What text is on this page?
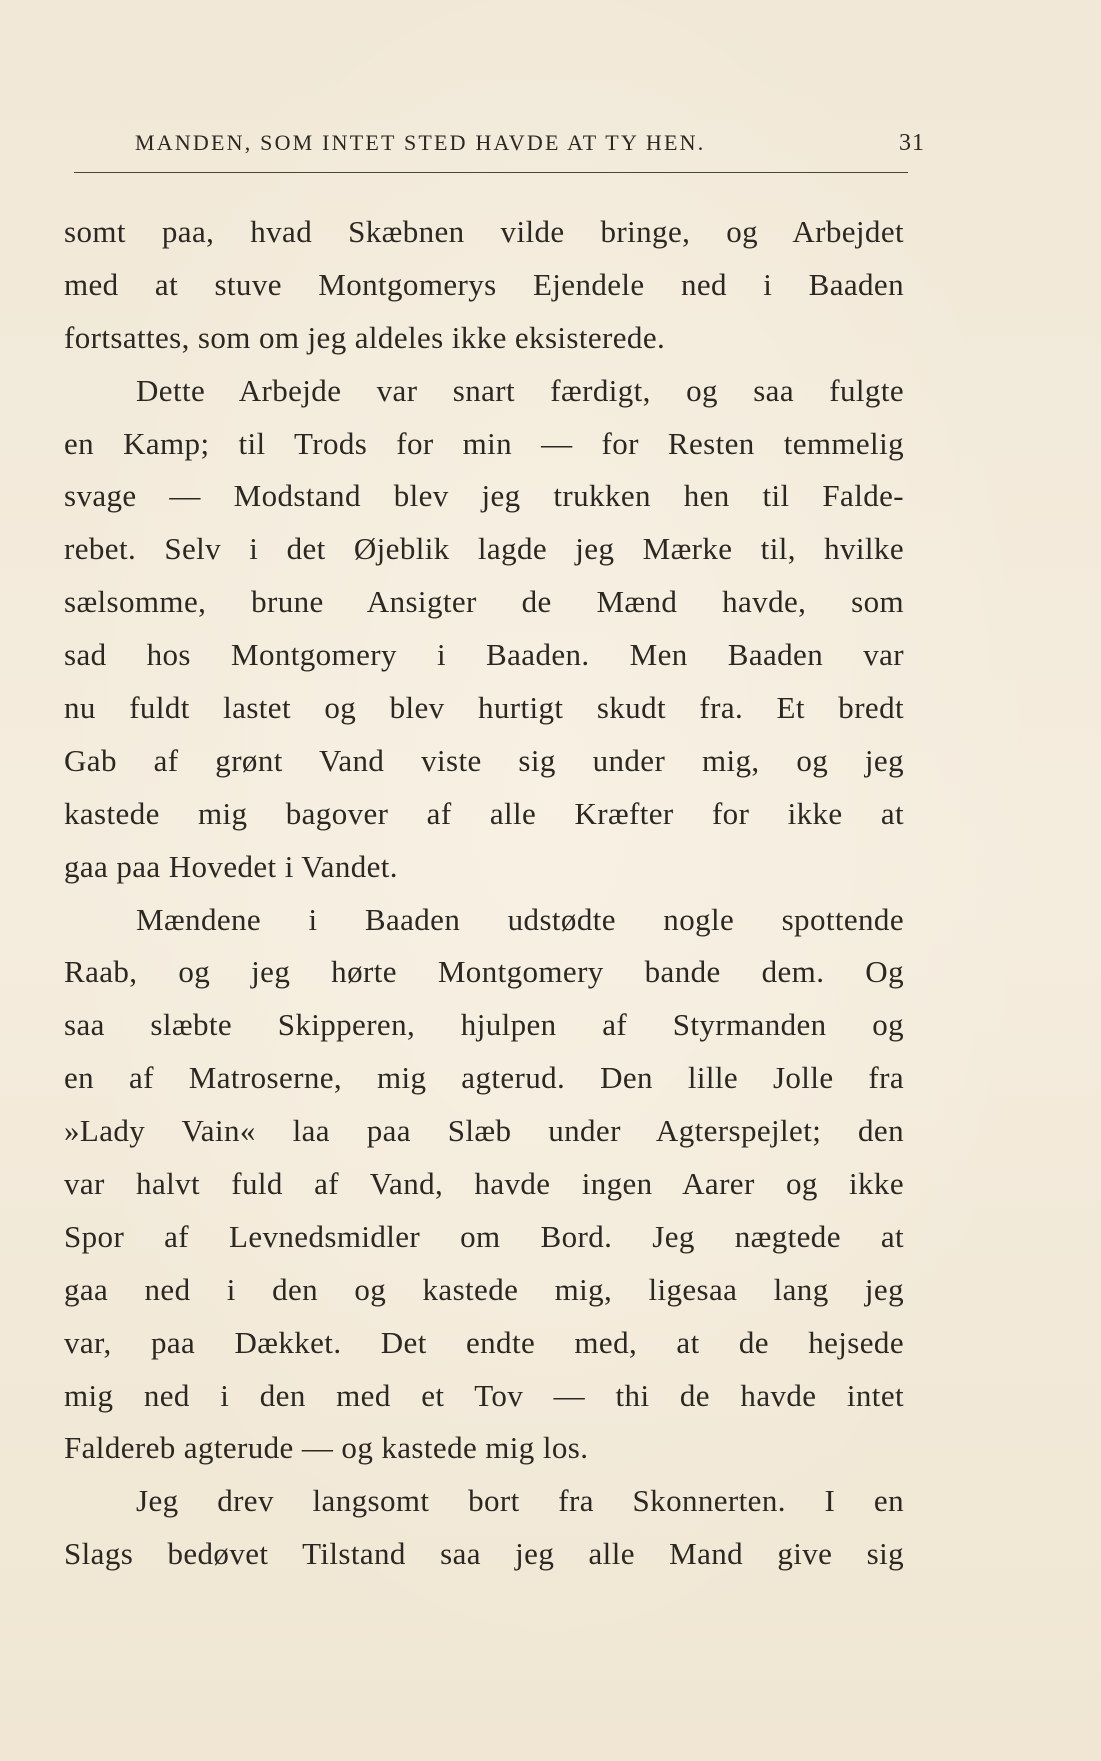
MANDEN, SOM INTET STED HAVDE AT TY HEN.	31
somt paa, hvad Skæbnen vilde bringe, og Arbejdet
med at stuve Montgomerys Ejendele ned i Baaden
fortsattes, som om jeg aldeles ikke eksisterede.
Dette Arbejde var snart færdigt, og saa fulgte
en Kamp; til Trods for min — for Resten temmelig
svage — Modstand blev jeg trukken hen til Falde-
rebet. Selv i det Øjeblik lagde jeg Mærke til, hvilke
sælsomme, brune Ansigter de Mænd havde, som
sad hos Montgomery i Baaden. Men Baaden var
nu fuldt lastet og blev hurtigt skudt fra. Et bredt
Gab af grønt Vand viste sig under mig, og jeg
kastede mig bagover af alle Kræfter for ikke at
gaa paa Hovedet i Vandet.
Mændene i Baaden udstødte nogle spottende
Raab, og jeg hørte Montgomery bande dem. Og
saa slæbte Skipperen, hjulpen af Styrmanden og
en af Matroserne, mig agterud. Den lille Jolle fra
»Lady Vain« laa paa Slæb under Agterspejlet; den
var halvt fuld af Vand, havde ingen Aarer og ikke
Spor af Levnedsmidler om Bord. Jeg nægtede at
gaa ned i den og kastede mig, ligesaa lang jeg
var, paa Dækket. Det endte med, at de hejsede
mig ned i den med et Tov — thi de havde intet
Faldereb agterude — og kastede mig los.
Jeg drev langsomt bort fra Skonnerten. I en
Slags bedøvet Tilstand saa jeg alle Mand give sig
